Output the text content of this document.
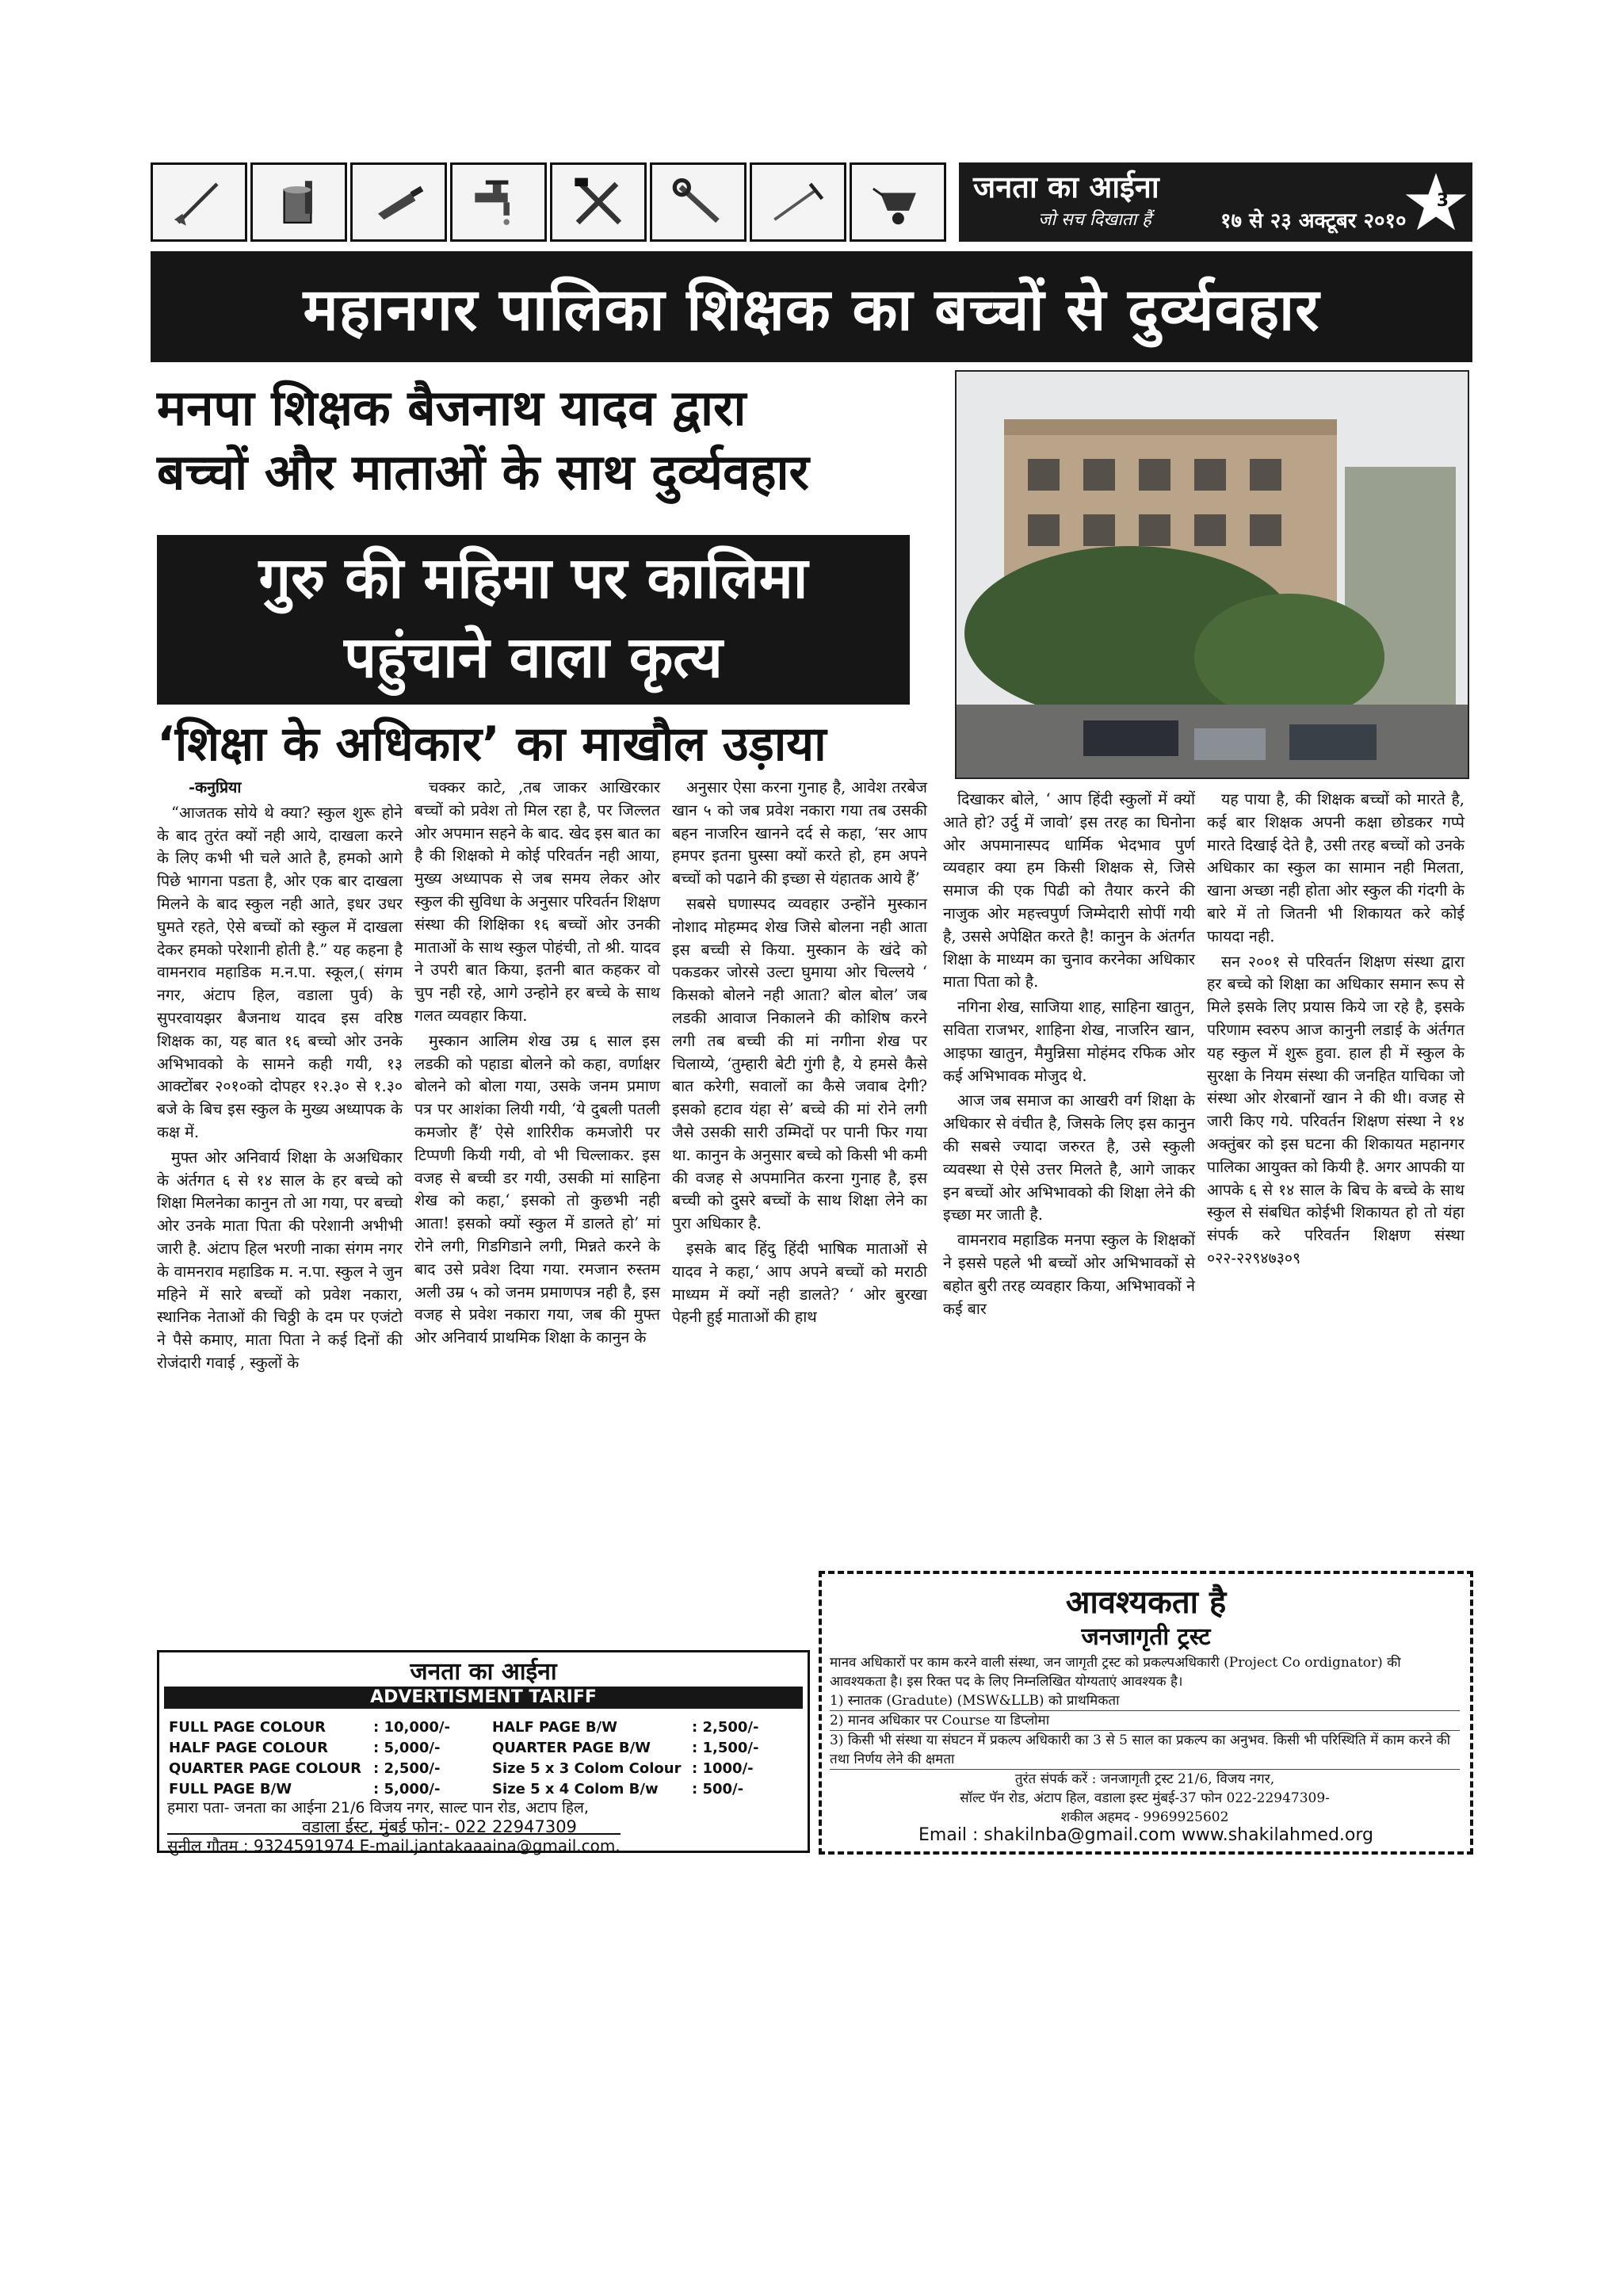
जनता का आईना
जो सच दिखाता हैं	१७ से २३ अक्टूबर २०१०
3
महानगर पालिका शिक्षक का बच्चों से दुर्व्यवहार
मनपा शिक्षक बैजनाथ यादव द्वारा
बच्चों और माताओं के साथ दुर्व्यवहार
गुरु की महिमा पर कालिमा
पहुंचाने वाला कृत्य
‘शिक्षा के अधिकार’ का माखौल उड़ाया

-कनुप्रिया

“आजतक सोये थे क्या? स्कुल शुरू होने के बाद तुरंत क्यों नही आये, दाखला करने के लिए कभी भी चले आते है, हमको आगे पिछे भागना पडता है, ओर एक बार दाखला मिलने के बाद स्कुल नही आते, इधर उधर घुमते रहते, ऐसे बच्चों को स्कुल में दाखला देकर हमको परेशानी होती है.” यह कहना है वामनराव महाडिक म.न.पा. स्कूल,( संगम नगर, अंटाप हिल, वडाला पुर्व) के सुपरवायझर बैजनाथ यादव इस वरिष्ठ शिक्षक का, यह बात १६ बच्चो ओर उनके अभिभावको के सामने कही गयी, १३ आक्टोंबर २०१०को दोपहर १२.३० से १.३० बजे के बिच इस स्कुल के मुख्य अध्यापक के कक्ष में.

मुफ्त ओर अनिवार्य शिक्षा के अअधिकार के अंर्तगत ६ से १४ साल के हर बच्चे को शिक्षा मिलनेका कानुन तो आ गया, पर बच्चो ओर उनके माता पिता की परेशानी अभीभी जारी है. अंटाप हिल भरणी नाका संगम नगर के वामनराव महाडिक म. न.पा. स्कुल ने जुन महिने में सारे बच्चों को प्रवेश नकारा, स्थानिक नेताओं की चिठ्ठी के दम पर एजंटो ने पैसे कमाए, माता पिता ने कई दिनों की रोजंदारी गवाई , स्कुलों के

चक्कर काटे, ,तब जाकर आखिरकार बच्चों को प्रवेश तो मिल रहा है, पर जिल्लत ओर अपमान सहने के बाद. खेद इस बात का है की शिक्षको मे कोई परिवर्तन नही आया, मुख्य अध्यापक से जब समय लेकर ओर स्कुल की सुविधा के अनुसार परिवर्तन शिक्षण संस्था की शिक्षिका १६ बच्चों ओर उनकी माताओं के साथ स्कुल पोहंची, तो श्री. यादव ने उपरी बात किया, इतनी बात कहकर वो चुप नही रहे, आगे उन्होने हर बच्चे के साथ गलत व्यवहार किया.

मुस्कान आलिम शेख उम्र ६ साल इस लडकी को पहाडा बोलने को कहा, वर्णाक्षर बोलने को बोला गया, उसके जनम प्रमाण पत्र पर आशंका लियी गयी, ‘ये दुबली पतली कमजोर हैं’ ऐसे शारिरीक कमजोरी पर टिप्पणी कियी गयी, वो भी चिल्लाकर. इस वजह से बच्ची डर गयी, उसकी मां साहिना शेख को कहा,‘ इसको तो कुछभी नही आता! इसको क्यों स्कुल में डालते हो’ मां रोने लगी, गिडगिडाने लगी, मिन्नते करने के बाद उसे प्रवेश दिया गया. रमजान रुस्तम अली उम्र ५ को जनम प्रमाणपत्र नही है, इस वजह से प्रवेश नकारा गया, जब की मुफ्त ओर अनिवार्य प्राथमिक शिक्षा के कानुन के

अनुसार ऐसा करना गुनाह है, आवेश तरबेज खान ५ को जब प्रवेश नकारा गया तब उसकी बहन नाजरिन खानने दर्द से कहा, ‘सर आप हमपर इतना घुस्सा क्यों करते हो, हम अपने बच्चों को पढाने की इच्छा से यंहातक आये हैं’

सबसे घणास्पद व्यवहार उन्होंने मुस्कान नोशाद मोहम्मद शेख जिसे बोलना नही आता इस बच्ची से किया. मुस्कान के खंदे को पकडकर जोरसे उल्टा घुमाया ओर चिल्लये ‘ किसको बोलने नही आता? बोल बोल’ जब लडकी आवाज निकालने की कोशिष करने लगी तब बच्ची की मां नगीना शेख पर चिलाय्ये, ‘तुम्हारी बेटी गुंगी है, ये हमसे कैसे बात करेगी, सवालों का कैसे जवाब देगी? इसको हटाव यंहा से’ बच्चे की मां रोने लगी जैसे उसकी सारी उम्मिदों पर पानी फिर गया था. कानुन के अनुसार बच्चे को किसी भी कमी की वजह से अपमानित करना गुनाह है, इस बच्ची को दुसरे बच्चों के साथ शिक्षा लेने का पुरा अधिकार है.

इसके बाद हिंदु हिंदी भाषिक माताओं से यादव ने कहा,‘ आप अपने बच्चों को मराठी माध्यम में क्यों नही डालते? ‘ ओर बुरखा पेहनी हुई माताओं की हाथ

दिखाकर बोले, ‘ आप हिंदी स्कुलों में क्यों आते हो? उर्दु में जावो’ इस तरह का घिनोना ओर अपमानास्पद धार्मिक भेदभाव पुर्ण व्यवहार क्या हम किसी शिक्षक से, जिसे समाज की एक पिढी को तैयार करने की नाजुक ओर महत्त्वपुर्ण जिम्मेदारी सोपीं गयी है, उससे अपेक्षित करते है! कानुन के अंतर्गत शिक्षा के माध्यम का चुनाव करनेका अधिकार माता पिता को है.

नगिना शेख, साजिया शाह, साहिना खातुन, सविता राजभर, शाहिना शेख, नाजरिन खान, आइफा खातुन, मैमुन्निसा मोहंमद रफिक ओर कई अभिभावक मोजुद थे.

आज जब समाज का आखरी वर्ग शिक्षा के अधिकार से वंचीत है, जिसके लिए इस कानुन की सबसे ज्यादा जरुरत है, उसे स्कुली व्यवस्था से ऐसे उत्तर मिलते है, आगे जाकर इन बच्चों ओर अभिभावको की शिक्षा लेने की इच्छा मर जाती है.

वामनराव महाडिक मनपा स्कुल के शिक्षकों ने इससे पहले भी बच्चों ओर अभिभावकों से बहोत बुरी तरह व्यवहार किया, अभिभावकों ने कई बार

यह पाया है, की शिक्षक बच्चों को मारते है, कई बार शिक्षक अपनी कक्षा छोडकर गप्पे मारते दिखाई देते है, उसी तरह बच्चों को उनके अधिकार का स्कुल का सामान नही मिलता, खाना अच्छा नही होता ओर स्कुल की गंदगी के बारे में तो जितनी भी शिकायत करे कोई फायदा नही.

सन २००१ से परिवर्तन शिक्षण संस्था द्वारा हर बच्चे को शिक्षा का अधिकार समान रूप से मिले इसके लिए प्रयास किये जा रहे है, इसके परिणाम स्वरुप आज कानुनी लडाई के अंर्तगत यह स्कुल में शुरू हुवा. हाल ही में स्कुल के सुरक्षा के नियम संस्था की जनहित याचिका जो संस्था ओर शेरबानों खान ने की थी। वजह से जारी किए गये. परिवर्तन शिक्षण संस्था ने १४ अक्तुंबर को इस घटना की शिकायत महानगर पालिका आयुक्त को कियी है. अगर आपकी या आपके ६ से १४ साल के बिच के बच्चे के साथ स्कुल से संबधित कोईभी शिकायत हो तो यंहा संपर्क करे परिवर्तन शिक्षण संस्था ०२२-२२९४७३०९

जनता का आईना
ADVERTISMENT TARIFF
FULL PAGE COLOUR	: 10,000/-	HALF PAGE B/W	: 2,500/-
HALF PAGE COLOUR	: 5,000/-	QUARTER PAGE B/W	: 1,500/-
QUARTER PAGE COLOUR : 2,500/-	Size 5 x 3 Colom Colour : 1000/-
FULL PAGE B/W	: 5,000/-	Size 5 x 4 Colom B/w : 500/-
हमारा पता- जनता का आईना 21/6 विजय नगर, साल्ट पान रोड, अटाप हिल,
वडाला ईस्ट, मुंबई फोन:- 022 22947309
सुनील गौतम : 9324591974 E-mail.jantakaaaina@gmail.com.
आवश्यकता है
जनजागृती ट्रस्ट
मानव अधिकारों पर काम करने वाली संस्था, जन जागृती ट्रस्ट को प्रकल्पअधिकारी (Project Co ordignator) की आवश्यकता है। इस रिक्त पद के लिए निम्नलिखित योग्यताएं आवश्यक है।
1) स्नातक (Gradute) (MSW&LLB) को प्राथमिकता
2) मानव अधिकार पर Course या डिप्लोमा
3) किसी भी संस्था या संघटन में प्रकल्प अधिकारी का 3 से 5 साल का प्रकल्प का अनुभव. किसी भी परिस्थिति में काम करने की तथा निर्णय लेने की क्षमता
तुरंत संपर्क करें : जनजागृती ट्रस्ट 21/6, विजय नगर,
सॉल्ट पॅन रोड, अंटाप हिल, वडाला इस्ट मुंबई-37 फोन 022-22947309-
शकील अहमद - 9969925602
Email : shakilnba@gmail.com www.shakilahmed.org
